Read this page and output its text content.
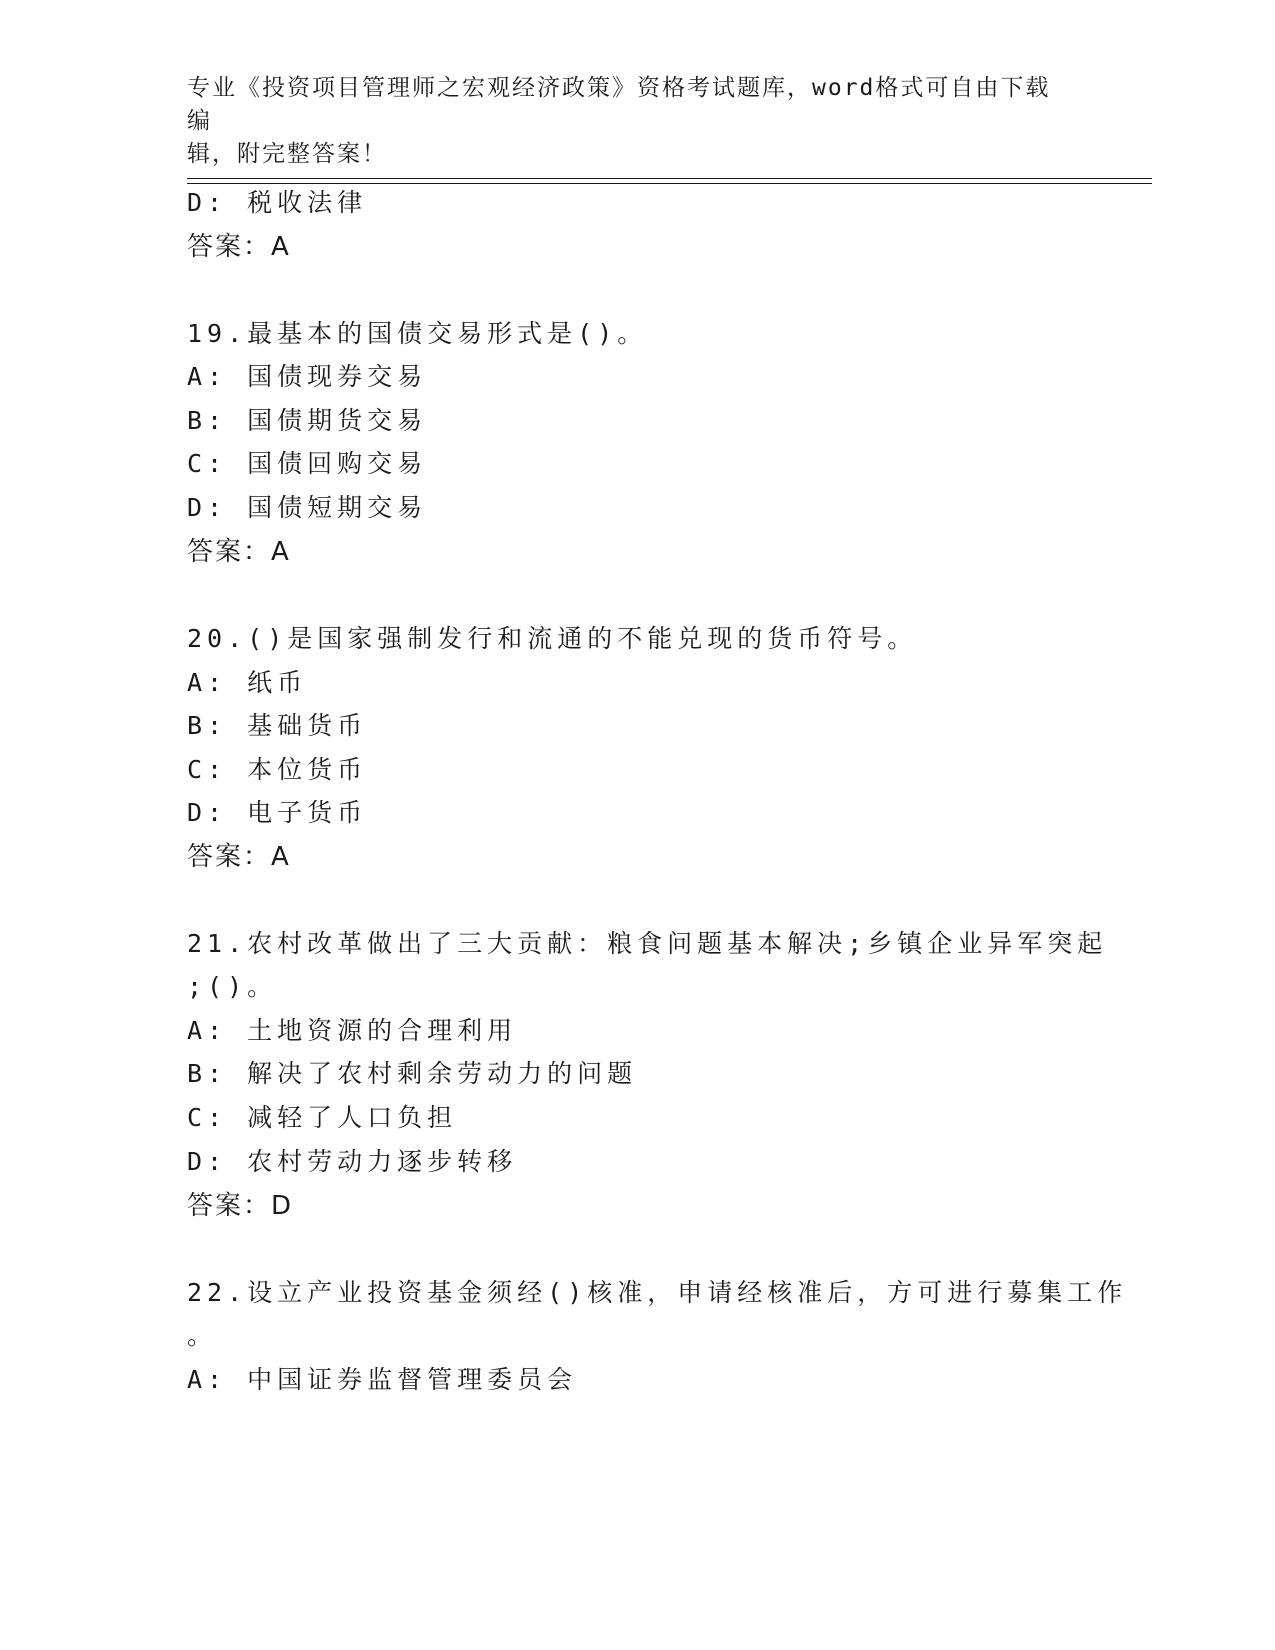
专业《投资项目管理师之宏观经济政策》资格考试题库，word格式可自由下载编
辑，附完整答案！
D: 税收法律
答案：A
19.最基本的国债交易形式是()。
A: 国债现券交易
B: 国债期货交易
C: 国债回购交易
D: 国债短期交易
答案：A
20.()是国家强制发行和流通的不能兑现的货币符号。
A: 纸币
B: 基础货币
C: 本位货币
D: 电子货币
答案：A
21.农村改革做出了三大贡献：粮食问题基本解决;乡镇企业异军突起
;()。
A: 土地资源的合理利用
B: 解决了农村剩余劳动力的问题
C: 减轻了人口负担
D: 农村劳动力逐步转移
答案：D
22.设立产业投资基金须经()核准，申请经核准后，方可进行募集工作
。
A: 中国证券监督管理委员会
